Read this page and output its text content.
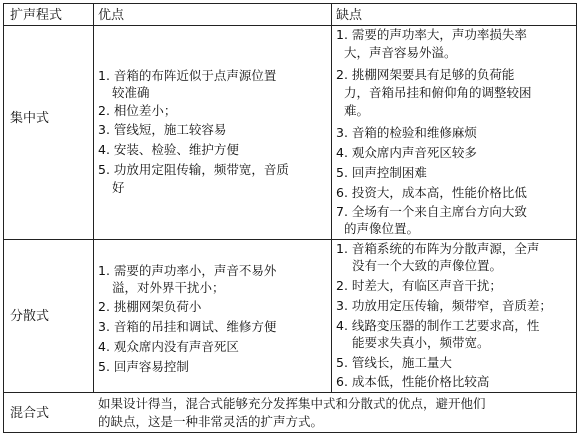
扩声程式	优点	缺点
集中式
1. 音箱的布阵近似于点声源位置
较准确
2. 相位差小；
3. 管线短，施工较容易
4. 安装、检验、维护方便
5. 功放用定阻传输，频带宽，音质
好
1. 需要的声功率大，声功率损失率
大，声音容易外溢。
2. 挑棚网架要具有足够的负荷能
力，音箱吊挂和俯仰角的调整较困
难。
3. 音箱的检验和维修麻烦
4. 观众席内声音死区较多
5. 回声控制困难
6. 投资大，成本高，性能价格比低
7. 全场有一个来自主席台方向大致
的声像位置。
分散式
1. 需要的声功率小，声音不易外
溢，对外界干扰小；
2. 挑棚网架负荷小
3. 音箱的吊挂和调试、维修方便
4. 观众席内没有声音死区
5. 回声容易控制
1. 音箱系统的布阵为分散声源，全声
没有一个大致的声像位置。
2. 时差大，有临区声音干扰；
3. 功放用定压传输，频带窄，音质差；
4. 线路变压器的制作工艺要求高，性
能要求失真小，频带宽。
5. 管线长，施工量大
6. 成本低，性能价格比较高
混合式
如果设计得当，混合式能够充分发挥集中式和分散式的优点，避开他们
的缺点，这是一种非常灵活的扩声方式。
